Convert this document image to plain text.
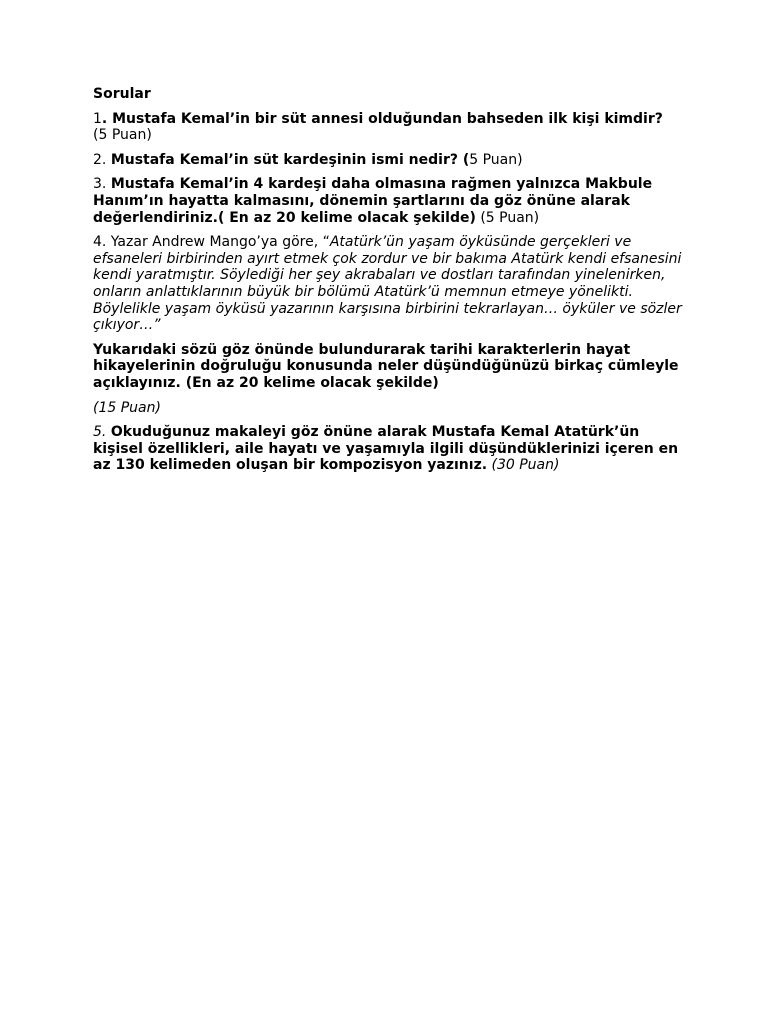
Sorular

1. Mustafa Kemal’in bir süt annesi olduğundan bahseden ilk kişi kimdir?
(5 Puan)

2. Mustafa Kemal’in süt kardeşinin ismi nedir? (5 Puan)

3. Mustafa Kemal’in 4 kardeşi daha olmasına rağmen yalnızca Makbule Hanım’ın hayatta kalmasını, dönemin şartlarını da göz önüne alarak değerlendiriniz.( En az 20 kelime olacak şekilde) (5 Puan)

4. Yazar Andrew Mango’ya göre, “Atatürk’ün yaşam öyküsünde gerçekleri ve efsaneleri birbirinden ayırt etmek çok zordur ve bir bakıma Atatürk kendi efsanesini kendi yaratmıştır. Söylediği her şey akrabaları ve dostları tarafından yinelenirken, onların anlattıklarının büyük bir bölümü Atatürk’ü memnun etmeye yönelikti. Böylelikle yaşam öyküsü yazarının karşısına birbirini tekrarlayan… öyküler ve sözler çıkıyor…”

Yukarıdaki sözü göz önünde bulundurarak tarihi karakterlerin hayat hikayelerinin doğruluğu konusunda neler düşündüğünüzü birkaç cümleyle açıklayınız. (En az 20 kelime olacak şekilde)

(15 Puan)

5. Okuduğunuz makaleyi göz önüne alarak Mustafa Kemal Atatürk’ün kişisel özellikleri, aile hayatı ve yaşamıyla ilgili düşündüklerinizi içeren en az 130 kelimeden oluşan bir kompozisyon yazınız. (30 Puan)
